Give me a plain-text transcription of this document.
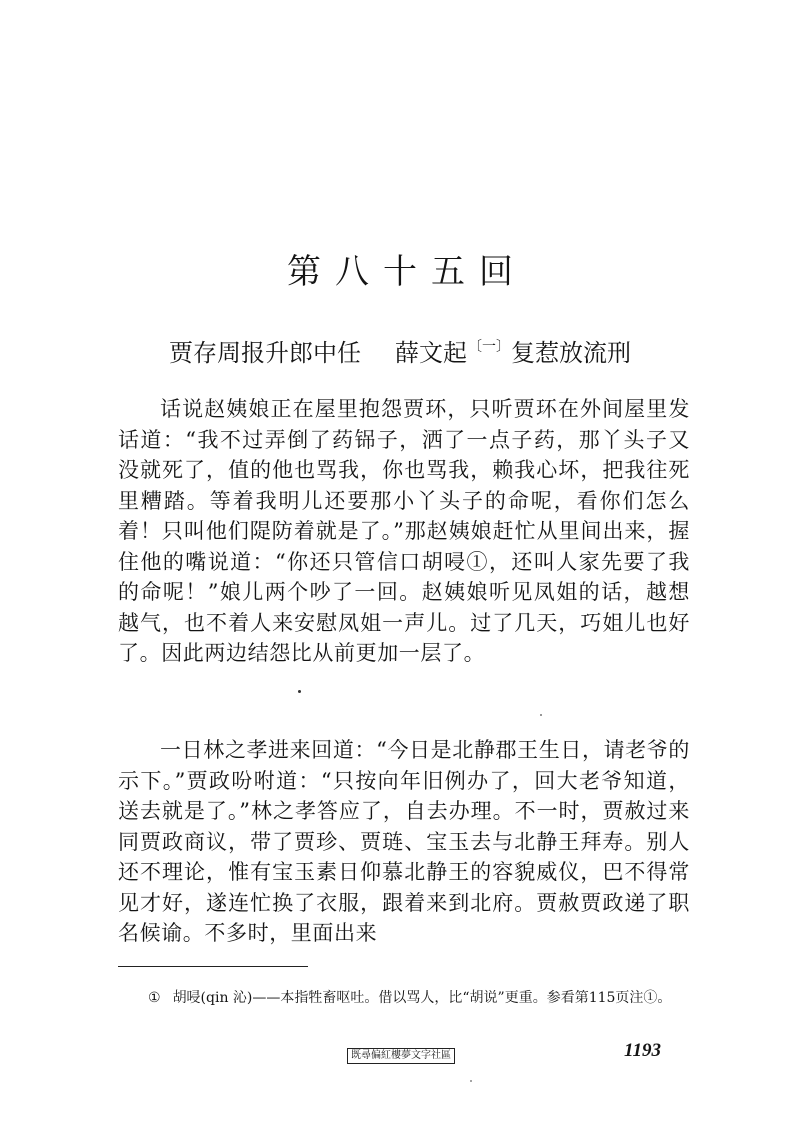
第八十五回
贾存周报升郎中任 薛文起$^{〔一〕}$复惹放流刑

话说赵姨娘正在屋里抱怨贾环，只听贾环在外间屋里发话道：“我不过弄倒了药铞子，洒了一点子药，那丫头子又没就死了，值的他也骂我，你也骂我，赖我心坏，把我往死里糟踏。等着我明儿还要那小丫头子的命呢，看你们怎么着！只叫他们隄防着就是了。”那赵姨娘赶忙从里间出来，握住他的嘴说道：“你还只管信口胡唚①，还叫人家先要了我的命呢！”娘儿两个吵了一回。赵姨娘听见凤姐的话，越想越气，也不着人来安慰凤姐一声儿。过了几天，巧姐儿也好了。因此两边结怨比从前更加一层了。

一日林之孝进来回道：“今日是北静郡王生日，请老爷的示下。”贾政吩咐道：“只按向年旧例办了，回大老爷知道，送去就是了。”林之孝答应了，自去办理。不一时，贾赦过来同贾政商议，带了贾珍、贾琏、宝玉去与北静王拜寿。别人还不理论，惟有宝玉素日仰慕北静王的容貌威仪，巴不得常见才好，遂连忙换了衣服，跟着来到北府。贾赦贾政递了职名候谕。不多时，里面出来

① 胡唚(qin 沁)——本指牲畜呕吐。借以骂人，比“胡说”更重。参看第115页注①。

既尋偏紅樓夢文字社區	1193
